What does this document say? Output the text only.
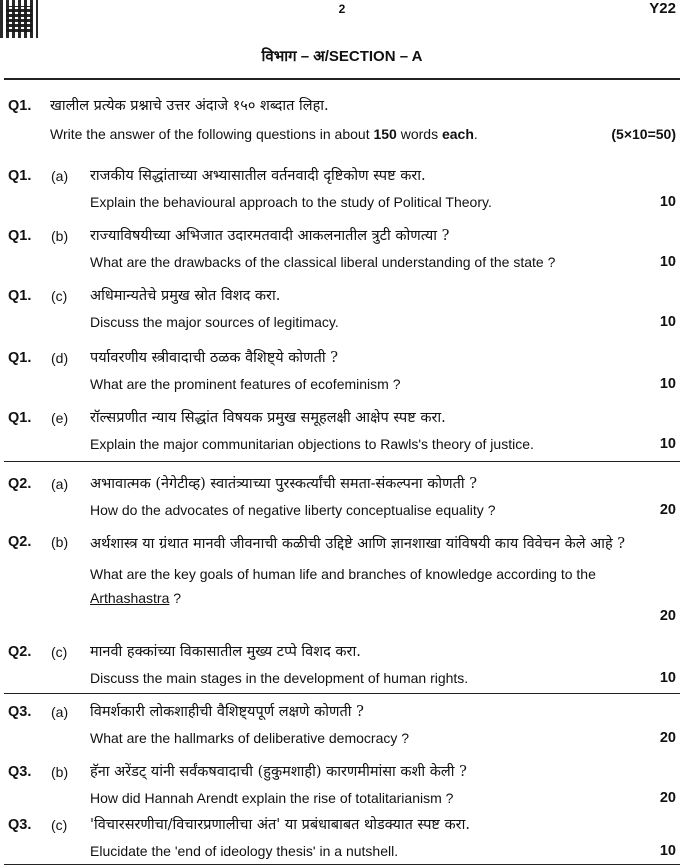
2	Y22
विभाग – अ/SECTION – A
Q1. खालील प्रत्येक प्रश्नाचे उत्तर अंदाजे १५० शब्दात लिहा.
Write the answer of the following questions in about 150 words each.	(5×10=50)
Q1. (a) राजकीय सिद्धांताच्या अभ्यासातील वर्तनवादी दृष्टिकोण स्पष्ट करा.
Explain the behavioural approach to the study of Political Theory.	10
Q1. (b) राज्याविषयीच्या अभिजात उदारमतवादी आकलनातील त्रुटी कोणत्या ?
What are the drawbacks of the classical liberal understanding of the state ?	10
Q1. (c) अधिमान्यतेचे प्रमुख स्रोत विशद करा.
Discuss the major sources of legitimacy.	10
Q1. (d) पर्यावरणीय स्त्रीवादाची ठळक वैशिष्ट्ये कोणती ?
What are the prominent features of ecofeminism ?	10
Q1. (e) रॉल्सप्रणीत न्याय सिद्धांत विषयक प्रमुख समूहलक्षी आक्षेप स्पष्ट करा.
Explain the major communitarian objections to Rawls's theory of justice.	10
Q2. (a) अभावात्मक (नेगेटीव्ह) स्वातंत्र्याच्या पुरस्कर्त्यांची समता-संकल्पना कोणती ?
How do the advocates of negative liberty conceptualise equality ?	20
Q2. (b) अर्थशास्त्र या ग्रंथात मानवी जीवनाची कळीची उद्दिष्टे आणि ज्ञानशाखा यांविषयी काय विवेचन केले आहे ?
What are the key goals of human life and branches of knowledge according to the Arthashastra ?
20
Q2. (c) मानवी हक्कांच्या विकासातील मुख्य टप्पे विशद करा.
Discuss the main stages in the development of human rights.	10
Q3. (a) विमर्शकारी लोकशाहीची वैशिष्ट्यपूर्ण लक्षणे कोणती ?
What are the hallmarks of deliberative democracy ?	20
Q3. (b) हॅना अरेंडट् यांनी सर्वंकषवादाची (हुकुमशाही) कारणमीमांसा कशी केली ?
How did Hannah Arendt explain the rise of totalitarianism ?	20
Q3. (c) 'विचारसरणीचा/विचारप्रणालीचा अंत' या प्रबंधाबाबत थोडक्यात स्पष्ट करा.
Elucidate the 'end of ideology thesis' in a nutshell.	10
